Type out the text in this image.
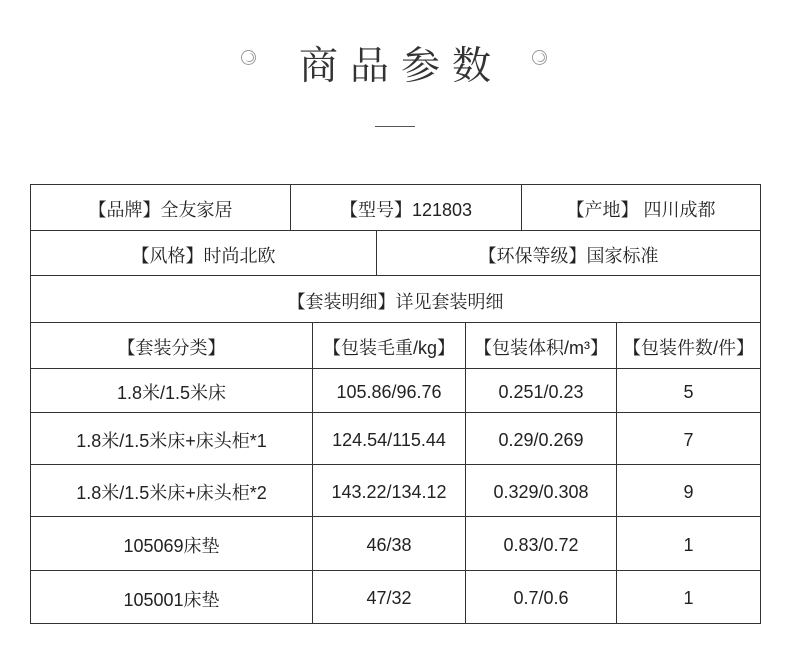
商品参数
【品牌】全友家居	【型号】121803	【产地】 四川成都
【风格】时尚北欧	【环保等级】国家标准
【套装明细】详见套装明细
【套装分类】	【包装毛重/kg】	【包装体积/m³】 【包装件数/件】
1.8米/1.5米床	105.86/96.76	0.251/0.23	5
1.8米/1.5米床+床头柜*1	124.54/115.44	0.29/0.269	7
1.8米/1.5米床+床头柜*2	143.22/134.12	0.329/0.308	9
105069床垫	46/38	0.83/0.72	1
105001床垫	47/32	0.7/0.6	1
